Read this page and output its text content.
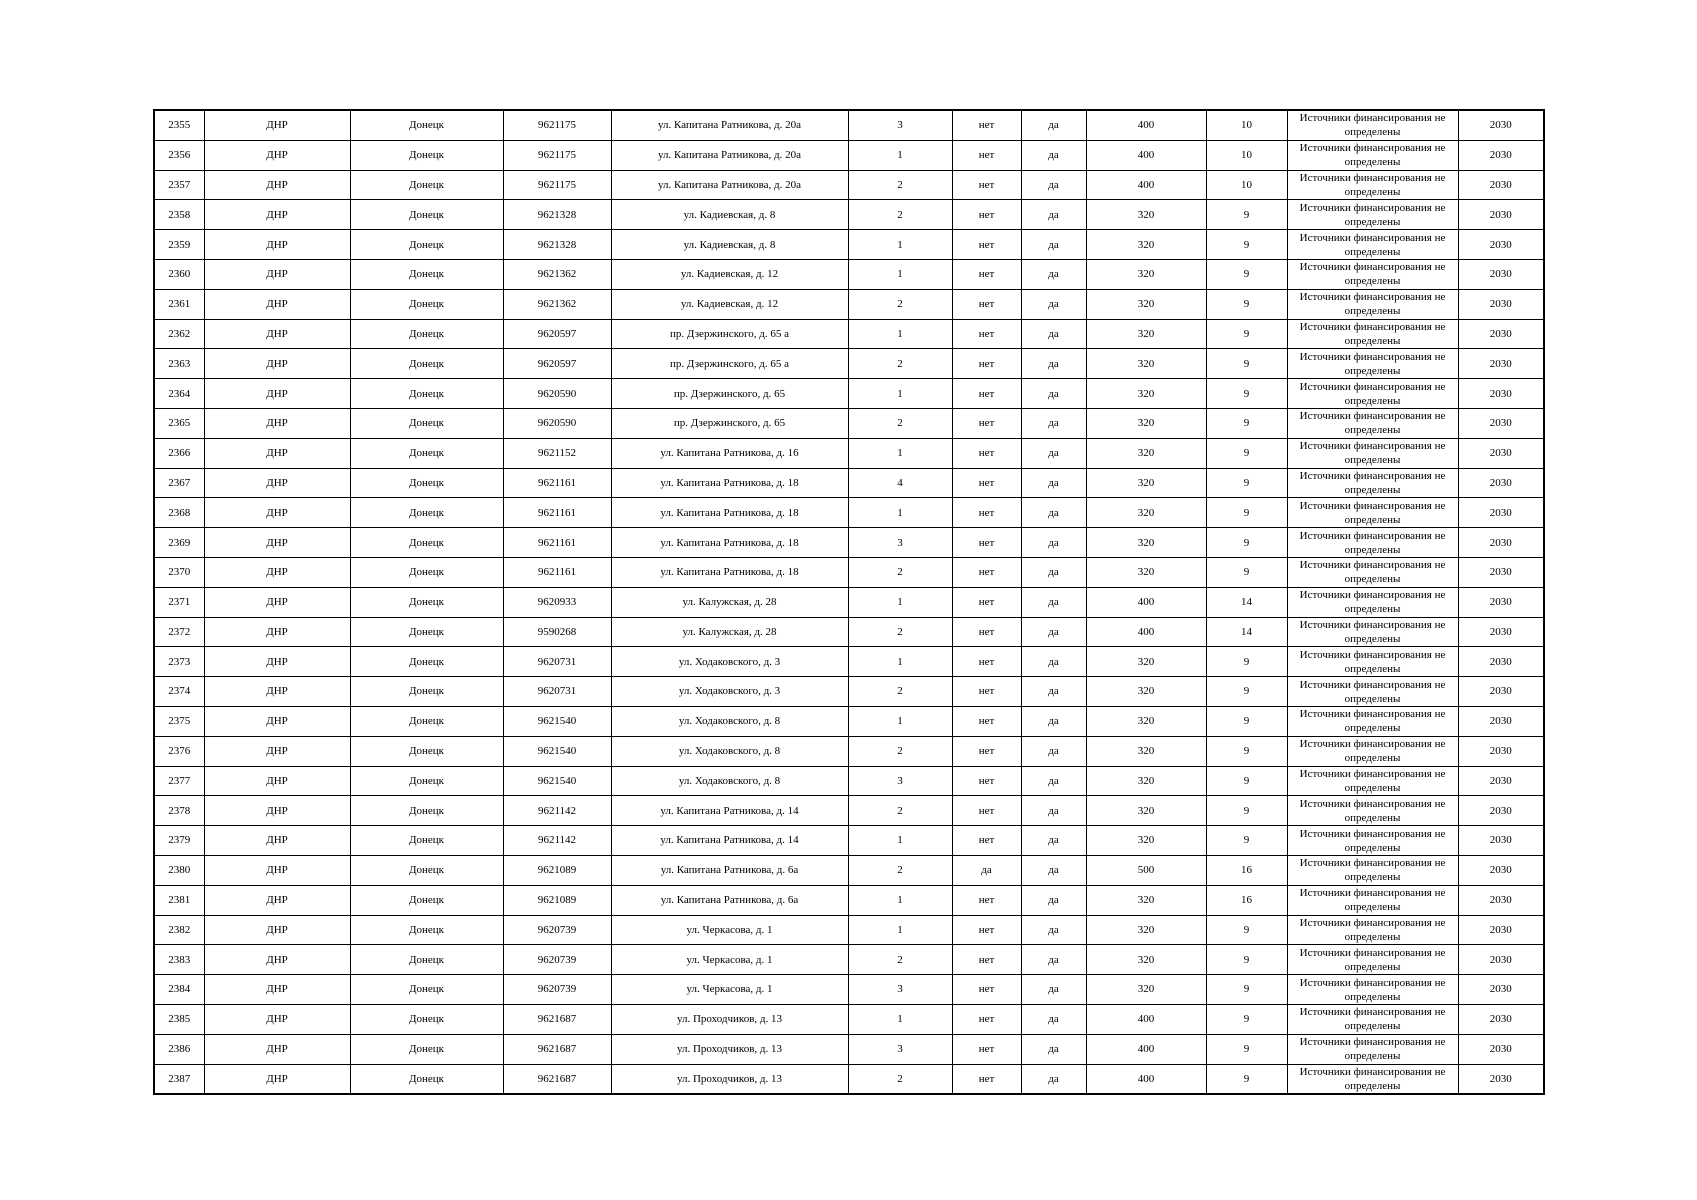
2355	ДНР	Донецк	9621175	ул. Капитана Ратникова, д. 20а	3	нет	да	400	10	Источники финансирования не определены	2030
2356	ДНР	Донецк	9621175	ул. Капитана Ратникова, д. 20а	1	нет	да	400	10	Источники финансирования не определены	2030
2357	ДНР	Донецк	9621175	ул. Капитана Ратникова, д. 20а	2	нет	да	400	10	Источники финансирования не определены	2030
2358	ДНР	Донецк	9621328	ул. Кадиевская, д. 8	2	нет	да	320	9	Источники финансирования не определены	2030
2359	ДНР	Донецк	9621328	ул. Кадиевская, д. 8	1	нет	да	320	9	Источники финансирования не определены	2030
2360	ДНР	Донецк	9621362	ул. Кадиевская, д. 12	1	нет	да	320	9	Источники финансирования не определены	2030
2361	ДНР	Донецк	9621362	ул. Кадиевская, д. 12	2	нет	да	320	9	Источники финансирования не определены	2030
2362	ДНР	Донецк	9620597	пр. Дзержинского, д. 65 а	1	нет	да	320	9	Источники финансирования не определены	2030
2363	ДНР	Донецк	9620597	пр. Дзержинского, д. 65 а	2	нет	да	320	9	Источники финансирования не определены	2030
2364	ДНР	Донецк	9620590	пр. Дзержинского, д. 65	1	нет	да	320	9	Источники финансирования не определены	2030
2365	ДНР	Донецк	9620590	пр. Дзержинского, д. 65	2	нет	да	320	9	Источники финансирования не определены	2030
2366	ДНР	Донецк	9621152	ул. Капитана Ратникова, д. 16	1	нет	да	320	9	Источники финансирования не определены	2030
2367	ДНР	Донецк	9621161	ул. Капитана Ратникова, д. 18	4	нет	да	320	9	Источники финансирования не определены	2030
2368	ДНР	Донецк	9621161	ул. Капитана Ратникова, д. 18	1	нет	да	320	9	Источники финансирования не определены	2030
2369	ДНР	Донецк	9621161	ул. Капитана Ратникова, д. 18	3	нет	да	320	9	Источники финансирования не определены	2030
2370	ДНР	Донецк	9621161	ул. Капитана Ратникова, д. 18	2	нет	да	320	9	Источники финансирования не определены	2030
2371	ДНР	Донецк	9620933	ул. Калужская, д. 28	1	нет	да	400	14	Источники финансирования не определены	2030
2372	ДНР	Донецк	9590268	ул. Калужская, д. 28	2	нет	да	400	14	Источники финансирования не определены	2030
2373	ДНР	Донецк	9620731	ул. Ходаковского, д. 3	1	нет	да	320	9	Источники финансирования не определены	2030
2374	ДНР	Донецк	9620731	ул. Ходаковского, д. 3	2	нет	да	320	9	Источники финансирования не определены	2030
2375	ДНР	Донецк	9621540	ул. Ходаковского, д. 8	1	нет	да	320	9	Источники финансирования не определены	2030
2376	ДНР	Донецк	9621540	ул. Ходаковского, д. 8	2	нет	да	320	9	Источники финансирования не определены	2030
2377	ДНР	Донецк	9621540	ул. Ходаковского, д. 8	3	нет	да	320	9	Источники финансирования не определены	2030
2378	ДНР	Донецк	9621142	ул. Капитана Ратникова, д. 14	2	нет	да	320	9	Источники финансирования не определены	2030
2379	ДНР	Донецк	9621142	ул. Капитана Ратникова, д. 14	1	нет	да	320	9	Источники финансирования не определены	2030
2380	ДНР	Донецк	9621089	ул. Капитана Ратникова, д. 6а	2	да	да	500	16	Источники финансирования не определены	2030
2381	ДНР	Донецк	9621089	ул. Капитана Ратникова, д. 6а	1	нет	да	320	16	Источники финансирования не определены	2030
2382	ДНР	Донецк	9620739	ул. Черкасова, д. 1	1	нет	да	320	9	Источники финансирования не определены	2030
2383	ДНР	Донецк	9620739	ул. Черкасова, д. 1	2	нет	да	320	9	Источники финансирования не определены	2030
2384	ДНР	Донецк	9620739	ул. Черкасова, д. 1	3	нет	да	320	9	Источники финансирования не определены	2030
2385	ДНР	Донецк	9621687	ул. Проходчиков, д. 13	1	нет	да	400	9	Источники финансирования не определены	2030
2386	ДНР	Донецк	9621687	ул. Проходчиков, д. 13	3	нет	да	400	9	Источники финансирования не определены	2030
2387	ДНР	Донецк	9621687	ул. Проходчиков, д. 13	2	нет	да	400	9	Источники финансирования не определены	2030
